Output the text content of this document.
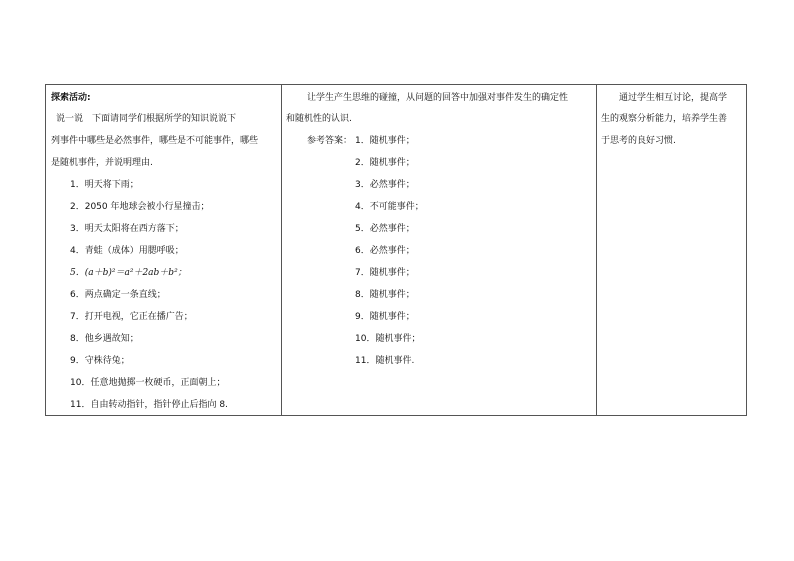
探索活动:
说一说　下面请同学们根据所学的知识说说下
列事件中哪些是必然事件，哪些是不可能事件，哪些
是随机事件，并说明理由.
1．明天将下雨；
2．2050 年地球会被小行星撞击；
3．明天太阳将在西方落下；
4．青蛙（成体）用腮呼吸；
5．(a＋b)²＝a²＋2ab＋b²；
6．两点确定一条直线；
7．打开电视，它正在播广告；
8．他乡遇故知；
9．守株待兔；
10．任意地抛掷一枚硬币，正面朝上；
11．自由转动指针，指针停止后指向 8.
让学生产生思维的碰撞，从问题的回答中加强对事件发生的确定性
和随机性的认识.
参考答案： 1．随机事件；
2．随机事件；
3．必然事件；
4．不可能事件；
5．必然事件；
6．必然事件；
7．随机事件；
8．随机事件；
9．随机事件；
10．随机事件；
11．随机事件.
通过学生相互讨论，提高学
生的观察分析能力，培养学生善
于思考的良好习惯.
